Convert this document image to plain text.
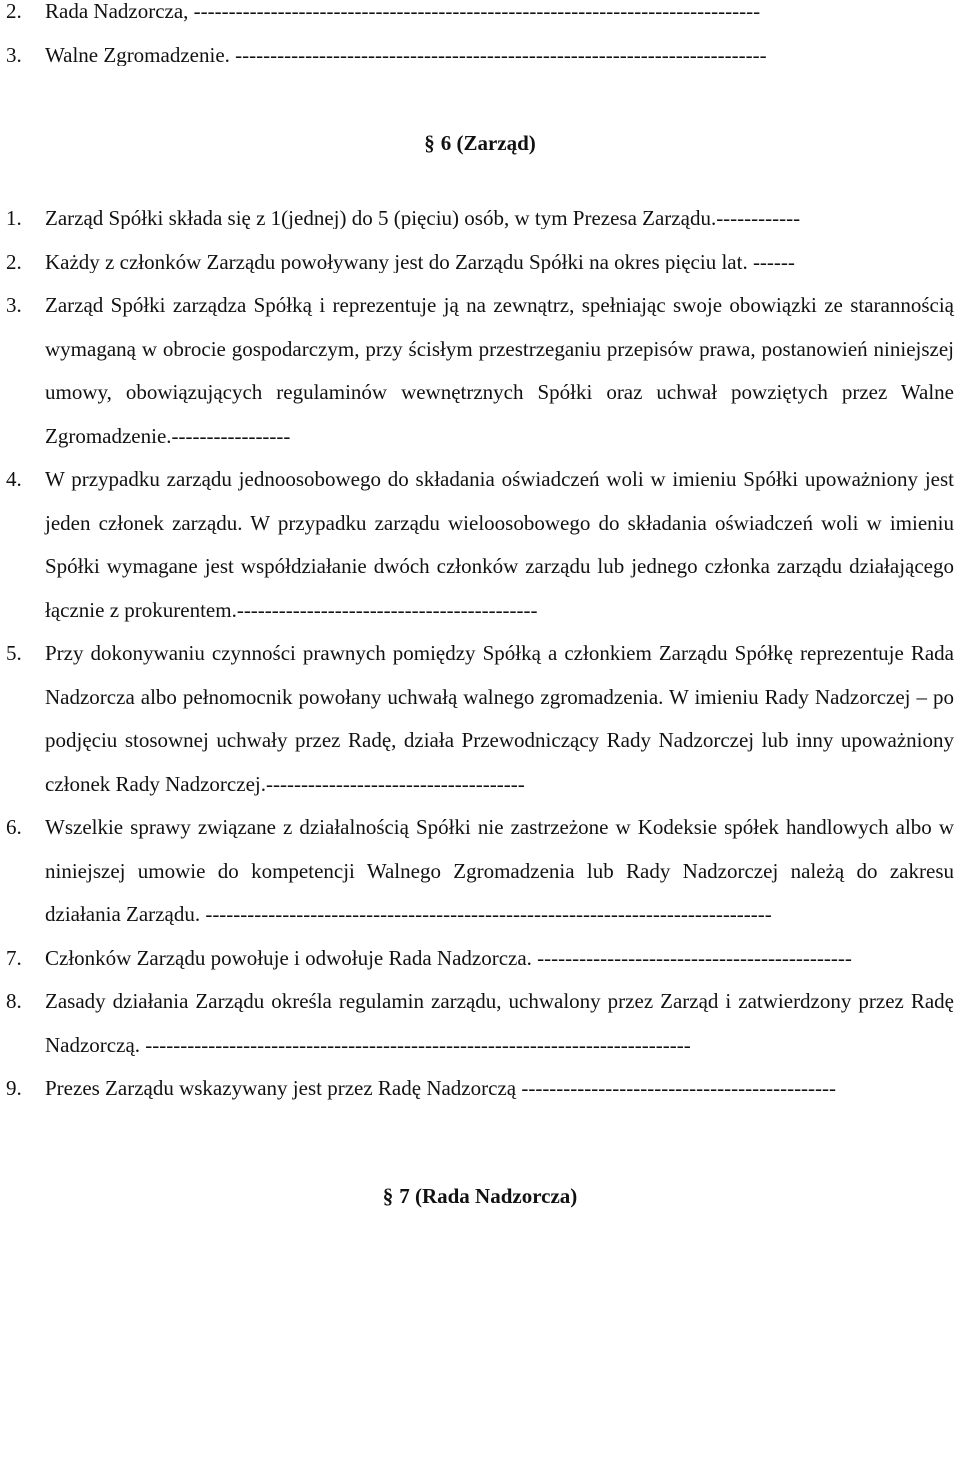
2. Rada Nadzorcza, ---------------------------------------------------------------------------------
3. Walne Zgromadzenie. ----------------------------------------------------------------------------
§ 6 (Zarząd)
1. Zarząd Spółki składa się z 1(jednej) do 5 (pięciu) osób, w tym Prezesa Zarządu.------------
2. Każdy z członków Zarządu powoływany jest do Zarządu Spółki na okres pięciu lat. ------
3. Zarząd Spółki zarządza Spółką i reprezentuje ją na zewnątrz, spełniając swoje obowiązki ze starannością wymaganą w obrocie gospodarczym, przy ścisłym przestrzeganiu przepisów prawa, postanowień niniejszej umowy, obowiązujących regulaminów wewnętrznych Spółki oraz uchwał powziętych przez Walne Zgromadzenie.-----------------
4. W przypadku zarządu jednoosobowego do składania oświadczeń woli w imieniu Spółki upoważniony jest jeden członek zarządu. W przypadku zarządu wieloosobowego do składania oświadczeń woli w imieniu Spółki wymagane jest współdziałanie dwóch członków zarządu lub jednego członka zarządu działającego łącznie z prokurentem.-------------------------------------------
5. Przy dokonywaniu czynności prawnych pomiędzy Spółką a członkiem Zarządu Spółkę reprezentuje Rada Nadzorcza albo pełnomocnik powołany uchwałą walnego zgromadzenia. W imieniu Rady Nadzorczej – po podjęciu stosownej uchwały przez Radę, działa Przewodniczący Rady Nadzorczej lub inny upoważniony członek Rady Nadzorczej.-------------------------------------
6. Wszelkie sprawy związane z działalnością Spółki nie zastrzeżone w Kodeksie spółek handlowych albo w niniejszej umowie do kompetencji Walnego Zgromadzenia lub Rady Nadzorczej należą do zakresu działania Zarządu. ---------------------------------------------------------------------------------
7. Członków Zarządu powołuje i odwołuje Rada Nadzorcza. ---------------------------------------------
8. Zasady działania Zarządu określa regulamin zarządu, uchwalony przez Zarząd i zatwierdzony przez Radę Nadzorczą. ------------------------------------------------------------------------------
9. Prezes Zarządu wskazywany jest przez Radę Nadzorczą ---------------------------------------------
§ 7 (Rada Nadzorcza)
